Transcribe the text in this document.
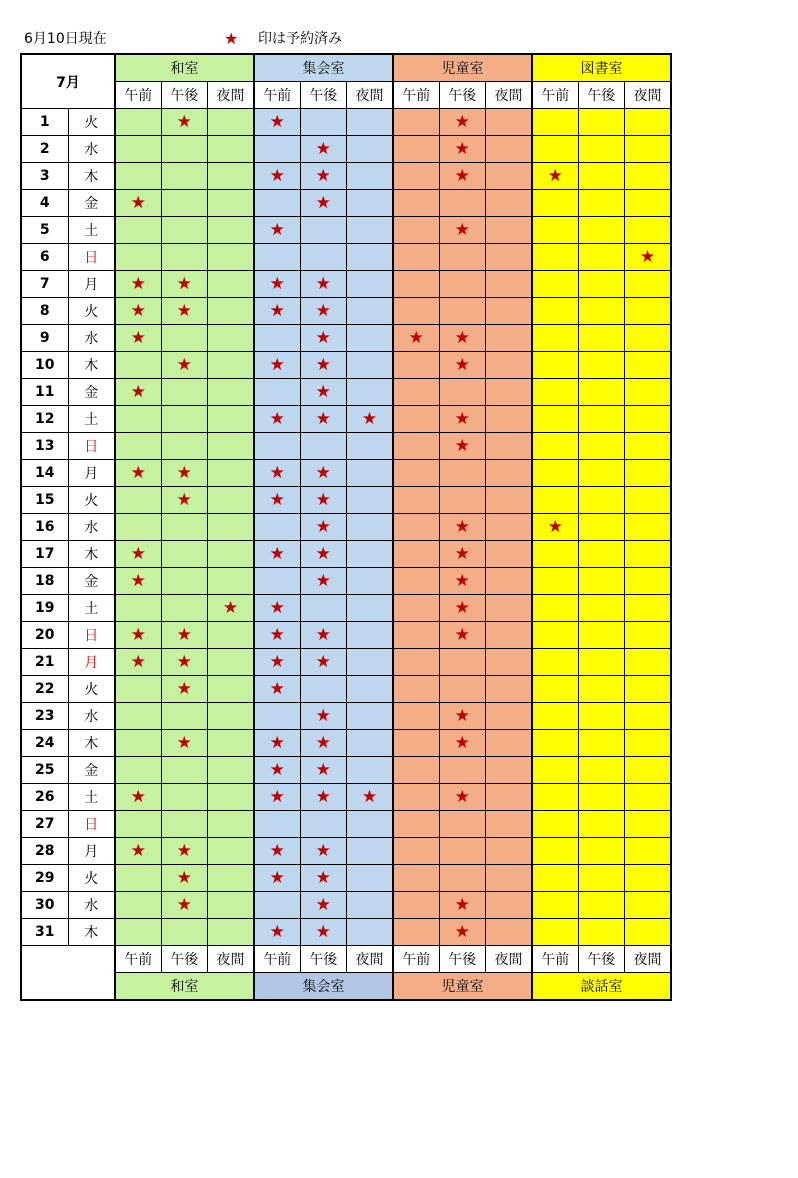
6月10日現在	★ 印は予約済み
7月		和室			集会室			児童室			図書室		
		午前	午後	夜間	午前	午後	夜間	午前	午後	夜間	午前	午後	夜間
1	火		★		★				★				
2	水					★			★				
3	木				★	★			★		★		
4	金	★				★							
5	土				★				★				
6	日												★
7	月	★	★		★	★							
8	火	★	★		★	★							
9	水	★				★		★	★				
10	木		★		★	★			★				
11	金	★				★							
12	土				★	★	★		★				
13	日								★				
14	月	★	★		★	★							
15	火		★		★	★							
16	水					★			★		★		
17	木	★			★	★			★				
18	金	★				★			★				
19	土			★	★				★				
20	日	★	★		★	★			★				
21	月	★	★		★	★							
22	火		★		★								
23	水					★			★				
24	木		★		★	★			★				
25	金				★	★							
26	土	★			★	★	★		★				
27	日												
28	月	★	★		★	★							
29	火		★		★	★							
30	水		★			★			★				
31	木				★	★			★				
		午前	午後	夜間	午前	午後	夜間	午前	午後	夜間	午前	午後	夜間
		和室			集会室			児童室			談話室		
